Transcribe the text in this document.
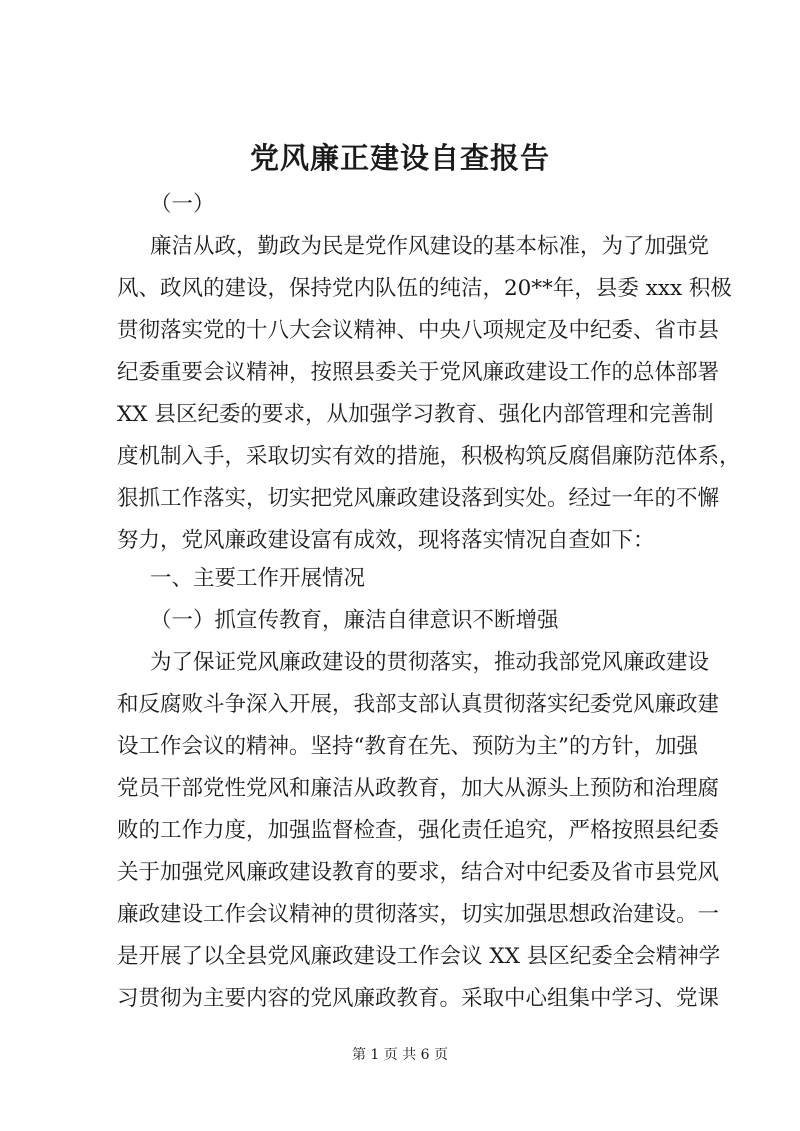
党风廉正建设自查报告
（一）
廉洁从政，勤政为民是党作风建设的基本标准，为了加强党
风、政风的建设，保持党内队伍的纯洁，20**年，县委 xxx 积极
贯彻落实党的十八大会议精神、中央八项规定及中纪委、省市县
纪委重要会议精神，按照县委关于党风廉政建设工作的总体部署
XX 县区纪委的要求，从加强学习教育、强化内部管理和完善制
度机制入手，采取切实有效的措施，积极构筑反腐倡廉防范体系，
狠抓工作落实，切实把党风廉政建设落到实处。经过一年的不懈
努力，党风廉政建设富有成效，现将落实情况自查如下：
一、主要工作开展情况
（一）抓宣传教育，廉洁自律意识不断增强
为了保证党风廉政建设的贯彻落实，推动我部党风廉政建设
和反腐败斗争深入开展，我部支部认真贯彻落实纪委党风廉政建
设工作会议的精神。坚持“教育在先、预防为主”的方针，加强
党员干部党性党风和廉洁从政教育，加大从源头上预防和治理腐
败的工作力度，加强监督检查，强化责任追究，严格按照县纪委
关于加强党风廉政建设教育的要求，结合对中纪委及省市县党风
廉政建设工作会议精神的贯彻落实，切实加强思想政治建设。一
是开展了以全县党风廉政建设工作会议 XX 县区纪委全会精神学
习贯彻为主要内容的党风廉政教育。采取中心组集中学习、党课
第 1 页 共 6 页
